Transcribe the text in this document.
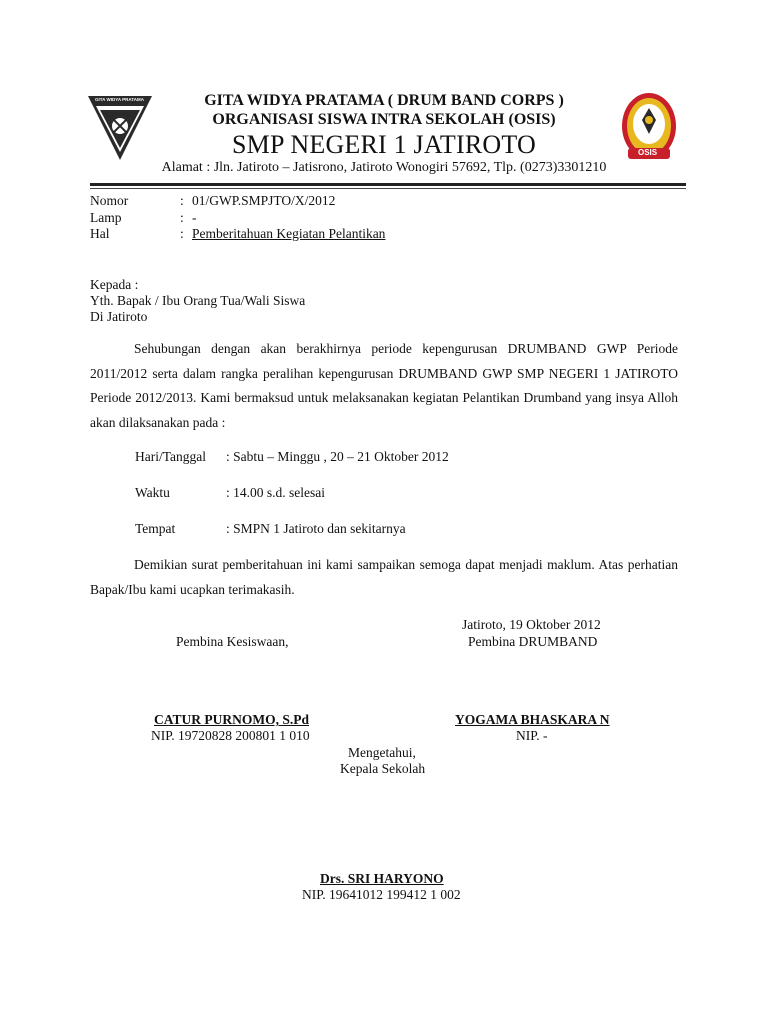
GITA WIDYA PRATAMA
SMP N 1 JATIROTO
OSIS
GITA WIDYA PRATAMA ( DRUM BAND CORPS )
ORGANISASI SISWA INTRA SEKOLAH (OSIS)
SMP NEGERI 1 JATIROTO
Alamat : Jln. Jatiroto – Jatisrono, Jatiroto Wonogiri 57692, Tlp. (0273)3301210
Nomor	: 01/GWP.SMPJTO/X/2012
Lamp	: -
Hal	: Pemberitahuan Kegiatan Pelantikan
Kepada :
Yth. Bapak / Ibu Orang Tua/Wali Siswa
Di Jatiroto
Sehubungan dengan akan berakhirnya periode kepengurusan DRUMBAND GWP Periode 2011/2012 serta dalam rangka peralihan kepengurusan DRUMBAND GWP SMP NEGERI 1 JATIROTO Periode 2012/2013. Kami bermaksud untuk melaksanakan kegiatan Pelantikan Drumband yang insya Alloh akan dilaksanakan pada :
Hari/Tanggal : Sabtu – Minggu , 20 – 21 Oktober 2012
Waktu	: 14.00 s.d. selesai
Tempat	: SMPN 1 Jatiroto dan sekitarnya
Demikian surat pemberitahuan ini kami sampaikan semoga dapat menjadi maklum. Atas perhatian Bapak/Ibu kami ucapkan terimakasih.
Jatiroto, 19 Oktober 2012
Pembina Kesiswaan,	Pembina DRUMBAND
CATUR PURNOMO, S.Pd
NIP. 19720828 200801 1 010
YOGAMA BHASKARA N
NIP. -
Mengetahui,
Kepala Sekolah
Drs. SRI HARYONO
NIP. 19641012 199412 1 002
